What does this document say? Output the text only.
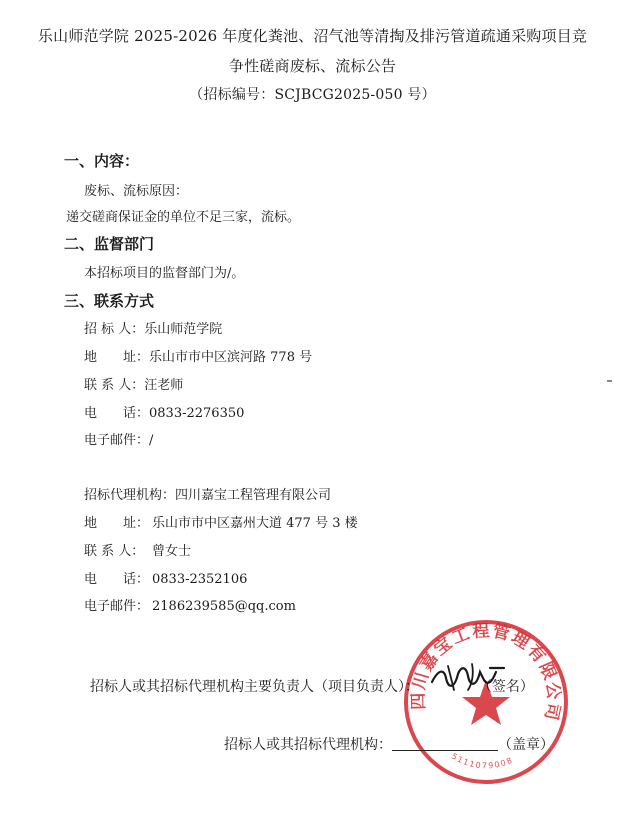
乐山师范学院 2025-2026 年度化粪池、沼气池等清掏及排污管道疏通采购项目竞
争性磋商废标、流标公告
（招标编号：SCJBCG2025-050 号）
一、内容：
废标、流标原因：
递交磋商保证金的单位不足三家，流标。
二、监督部门
本招标项目的监督部门为/。
三、联系方式
招 标 人：乐山师范学院
地　　址：乐山市市中区滨河路 778 号
联 系 人：汪老师
电　　话：0833-2276350
电子邮件：/
招标代理机构：四川嘉宝工程管理有限公司
地　　址： 乐山市市中区嘉州大道 477 号 3 楼
联 系 人： 曾女士
电　　话： 0833-2352106
电子邮件： 2186239585@qq.com
四川嘉宝工程管理有限公司
5111079008
招标人或其招标代理机构主要负责人（项目负责人）：	（签名）
招标人或其招标代理机构：	（盖章）
